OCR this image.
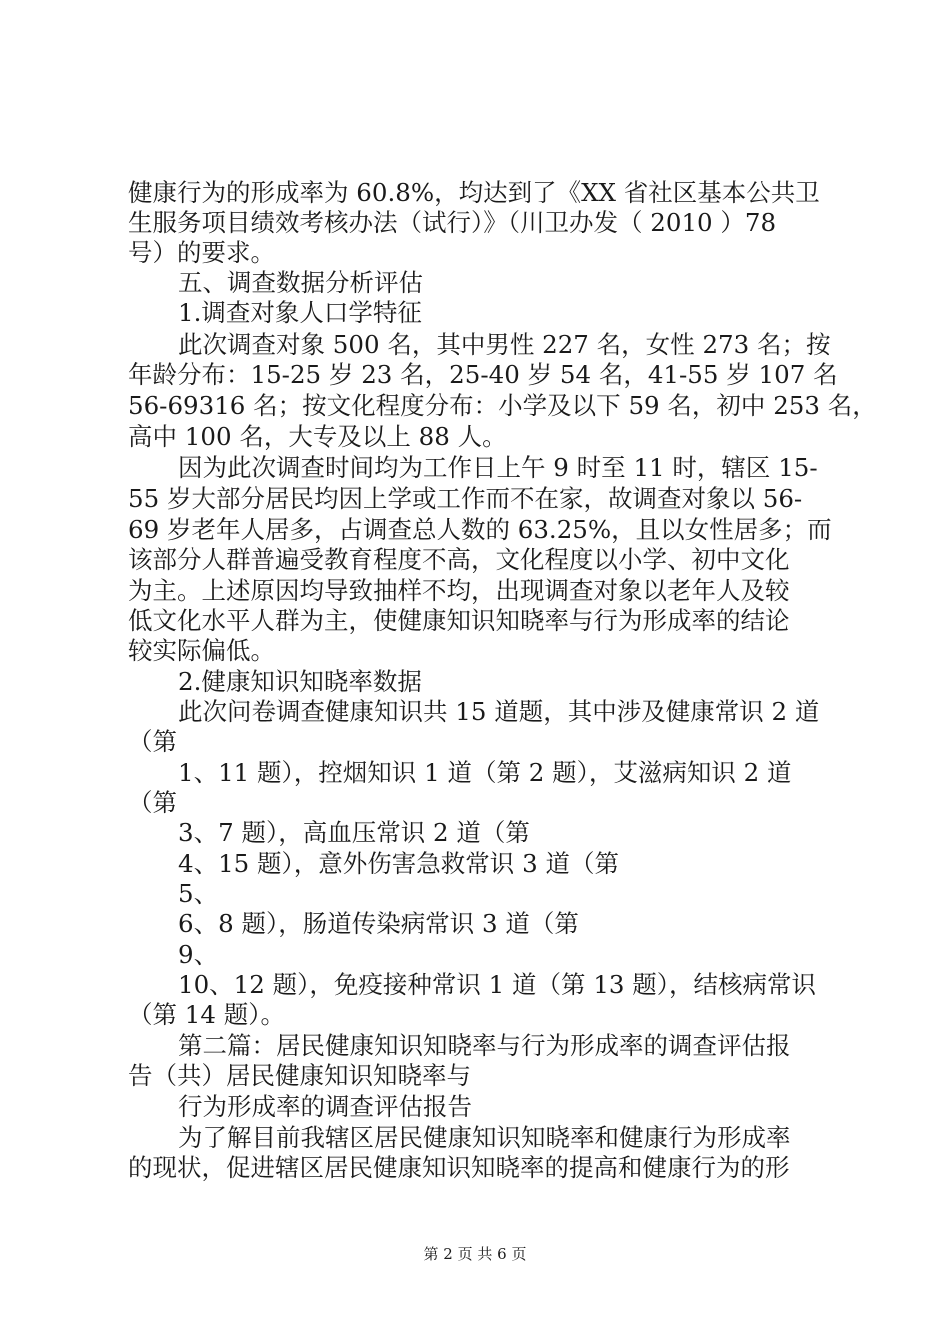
健康行为的形成率为 60.8%，均达到了《XX 省社区基本公共卫
生服务项目绩效考核办法（试行）》（川卫办发（ 2010 ）78
号）的要求。
五、调查数据分析评估
1.调查对象人口学特征
此次调查对象 500 名，其中男性 227 名，女性 273 名；按
年龄分布：15-25 岁 23 名，25-40 岁 54 名，41-55 岁 107 名
56-69316 名；按文化程度分布：小学及以下 59 名，初中 253 名，
高中 100 名，大专及以上 88 人。
因为此次调查时间均为工作日上午 9 时至 11 时，辖区 15-
55 岁大部分居民均因上学或工作而不在家，故调查对象以 56-
69 岁老年人居多，占调查总人数的 63.25%，且以女性居多；而
该部分人群普遍受教育程度不高，文化程度以小学、初中文化
为主。上述原因均导致抽样不均，出现调查对象以老年人及较
低文化水平人群为主，使健康知识知晓率与行为形成率的结论
较实际偏低。
2.健康知识知晓率数据
此次问卷调查健康知识共 15 道题，其中涉及健康常识 2 道
（第
1、11 题），控烟知识 1 道（第 2 题），艾滋病知识 2 道
（第
3、7 题），高血压常识 2 道（第
4、15 题），意外伤害急救常识 3 道（第
5、
6、8 题），肠道传染病常识 3 道（第
9、
10、12 题），免疫接种常识 1 道（第 13 题），结核病常识
（第 14 题）。
第二篇：居民健康知识知晓率与行为形成率的调查评估报
告（共）居民健康知识知晓率与
行为形成率的调查评估报告
为了解目前我辖区居民健康知识知晓率和健康行为形成率
的现状，促进辖区居民健康知识知晓率的提高和健康行为的形
第 2 页 共 6 页
